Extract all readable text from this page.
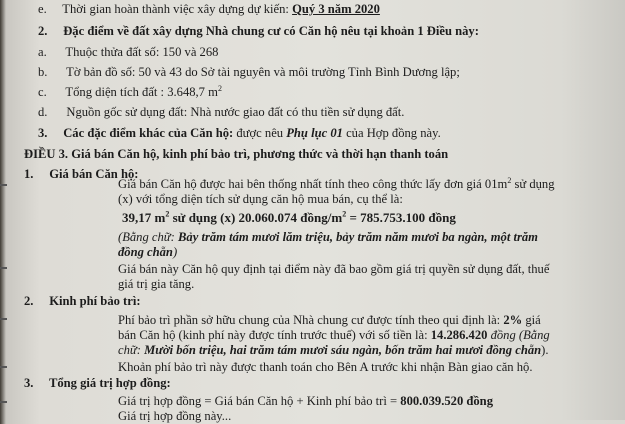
e. Thời gian hoàn thành việc xây dựng dự kiến: Quý 3 năm 2020
2. Đặc điểm về đất xây dựng Nhà chung cư có Căn hộ nêu tại khoản 1 Điều này:
a. Thuộc thửa đất số: 150 và 268
b. Tờ bản đồ số: 50 và 43 do Sở tài nguyên và môi trường Tỉnh Bình Dương lập;
c. Tổng diện tích đất : 3.648,7 $m^2$
d. Nguồn gốc sử dụng đất: Nhà nước giao đất có thu tiền sử dụng đất.
3. Các đặc điểm khác của Căn hộ: được nêu Phụ lục 01 của Hợp đồng này.
ĐIỀU 3. Giá bán Căn hộ, kinh phí bảo trì, phương thức và thời hạn thanh toán
1. Giá bán Căn hộ:
Giá bán Căn hộ được hai bên thống nhất tính theo công thức lấy đơn giá $01m^2$ sử dụng
(x) với tổng diện tích sử dụng căn hộ mua bán, cụ thể là:
39,17 $m^2$ sử dụng (x) 20.060.074 đồng/$m^2 = 785.753.100$ đồng
(Bằng chữ: Bảy trăm tám mươi lăm triệu, bảy trăm năm mươi ba ngàn, một trăm
đồng chẵn)
Giá bán này Căn hộ quy định tại điểm này đã bao gồm giá trị quyền sử dụng đất, thuế
giá trị gia tăng.
2. Kinh phí bảo trì:
Phí bảo trì phần sở hữu chung của Nhà chung cư được tính theo qui định là: 2% giá
bán Căn hộ (kinh phí này được tính trước thuế) với số tiền là: 14.286.420 đồng (Bằng
chữ: Mười bốn triệu, hai trăm tám mươi sáu ngàn, bốn trăm hai mươi đồng chẵn).
Khoản phí bảo trì này được thanh toán cho Bên A trước khi nhận Bàn giao căn hộ.
3. Tổng giá trị hợp đồng:
Giá trị hợp đồng = Giá bán Căn hộ + Kinh phí bảo trì = 800.039.520 đồng
Giá trị hợp đồng này...
